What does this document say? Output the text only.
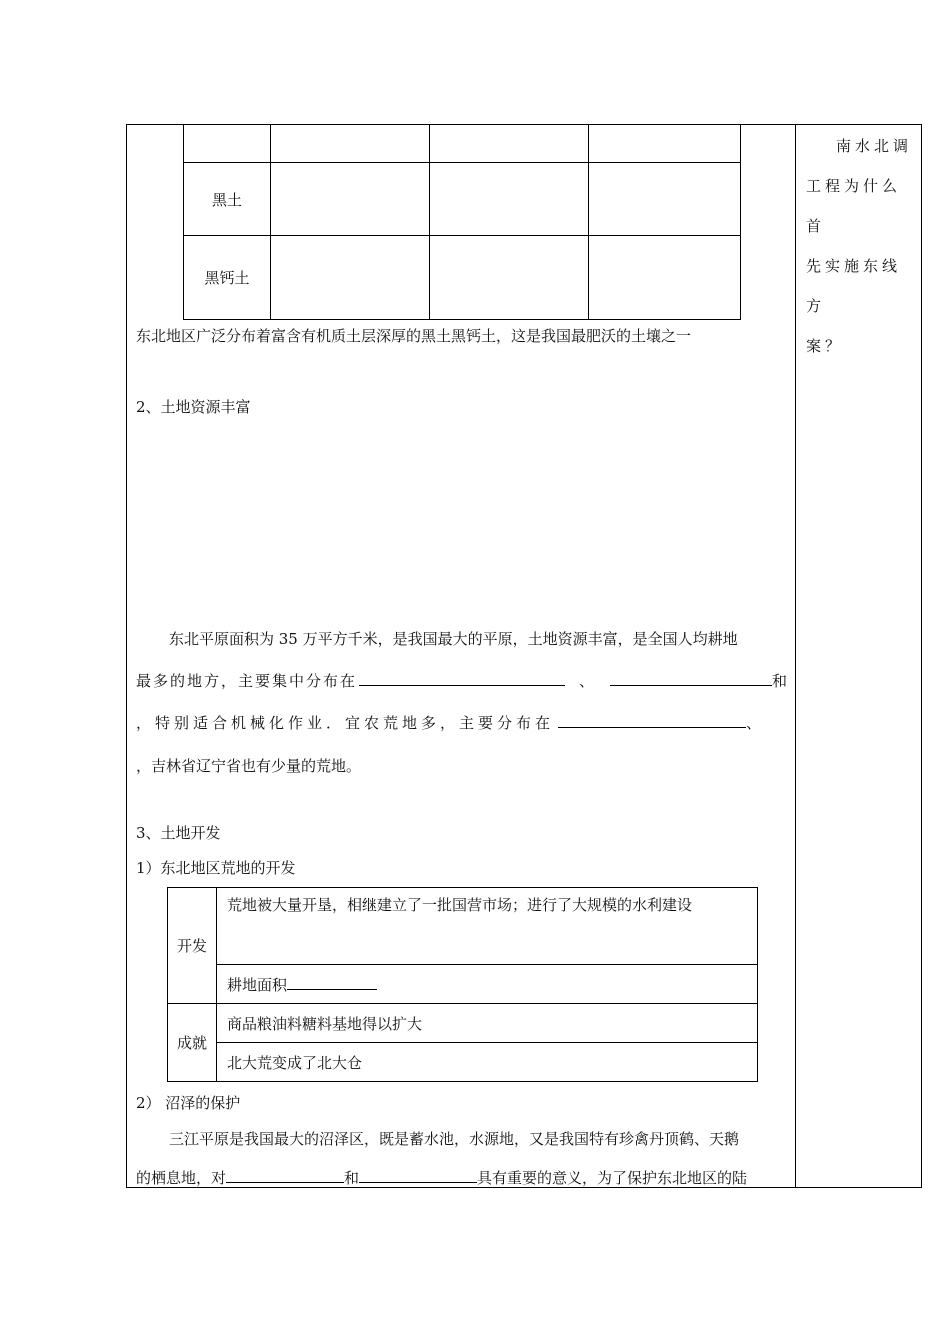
南水北调
工程为什么首
先实施东线方
案？

黑土			
黑钙土			
东北地区广泛分布着富含有机质土层深厚的黑土黑钙土，这是我国最肥沃的土壤之一
2、土地资源丰富
东北平原面积为 35 万平方千米，是我国最大的平原，土地资源丰富，是全国人均耕地
最多的地方，主要集中分布在	、	和
，特别适合机械化作业．宜农荒地多，主要分布在	、
，吉林省辽宁省也有少量的荒地。
3、土地开发
1）东北地区荒地的开发
开发	荒地被大量开垦，相继建立了一批国营市场；进行了大规模的水利建设
	耕地面积
成就	商品粮油料糖料基地得以扩大
	北大荒变成了北大仓
2） 沼泽的保护
三江平原是我国最大的沼泽区，既是蓄水池，水源地，又是我国特有珍禽丹顶鹤、天鹅
的栖息地，对	和	具有重要的意义，为了保护东北地区的陆
